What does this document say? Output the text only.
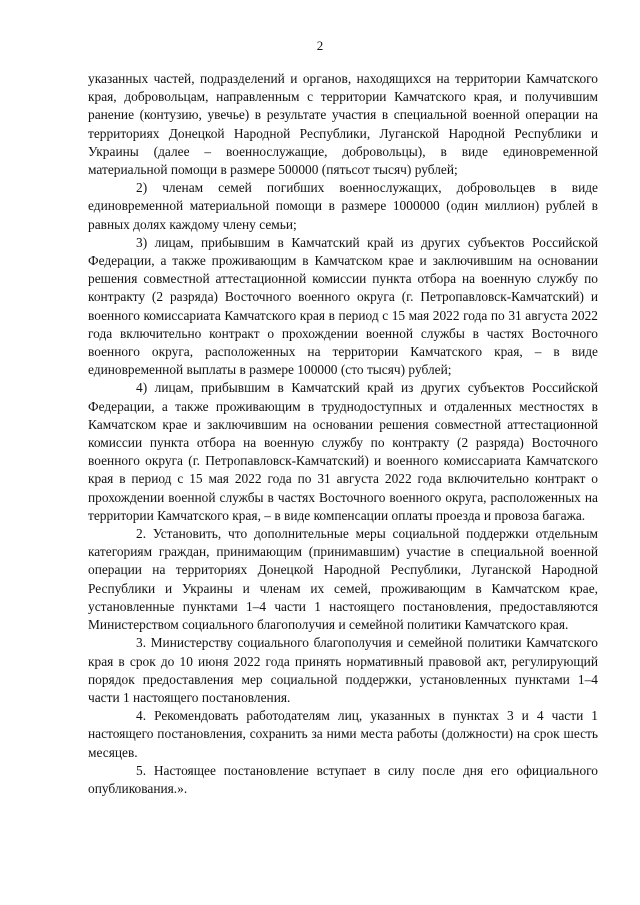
2

указанных частей, подразделений и органов, находящихся на территории Камчатского края, добровольцам, направленным с территории Камчатского края, и получившим ранение (контузию, увечье) в результате участия в специальной военной операции на территориях Донецкой Народной Республики, Луганской Народной Республики и Украины (далее – военнослужащие, добровольцы), в виде единовременной материальной помощи в размере 500000 (пятьсот тысяч) рублей;

2) членам семей погибших военнослужащих, добровольцев в виде единовременной материальной помощи в размере 1000000 (один миллион) рублей в равных долях каждому члену семьи;

3) лицам, прибывшим в Камчатский край из других субъектов Российской Федерации, а также проживающим в Камчатском крае и заключившим на основании решения совместной аттестационной комиссии пункта отбора на военную службу по контракту (2 разряда) Восточного военного округа (г. Петропавловск-Камчатский) и военного комиссариата Камчатского края в период с 15 мая 2022 года по 31 августа 2022 года включительно контракт о прохождении военной службы в частях Восточного военного округа, расположенных на территории Камчатского края, – в виде единовременной выплаты в размере 100000 (сто тысяч) рублей;

4) лицам, прибывшим в Камчатский край из других субъектов Российской Федерации, а также проживающим в труднодоступных и отдаленных местностях в Камчатском крае и заключившим на основании решения совместной аттестационной комиссии пункта отбора на военную службу по контракту (2 разряда) Восточного военного округа (г. Петропавловск-Камчатский) и военного комиссариата Камчатского края в период с 15 мая 2022 года по 31 августа 2022 года включительно контракт о прохождении военной службы в частях Восточного военного округа, расположенных на территории Камчатского края, – в виде компенсации оплаты проезда и провоза багажа.

2. Установить, что дополнительные меры социальной поддержки отдельным категориям граждан, принимающим (принимавшим) участие в специальной военной операции на территориях Донецкой Народной Республики, Луганской Народной Республики и Украины и членам их семей, проживающим в Камчатском крае, установленные пунктами 1–4 части 1 настоящего постановления, предоставляются Министерством социального благополучия и семейной политики Камчатского края.

3. Министерству социального благополучия и семейной политики Камчатского края в срок до 10 июня 2022 года принять нормативный правовой акт, регулирующий порядок предоставления мер социальной поддержки, установленных пунктами 1–4 части 1 настоящего постановления.

4. Рекомендовать работодателям лиц, указанных в пунктах 3 и 4 части 1 настоящего постановления, сохранить за ними места работы (должности) на срок шесть месяцев.

5. Настоящее постановление вступает в силу после дня его официального опубликования.».
